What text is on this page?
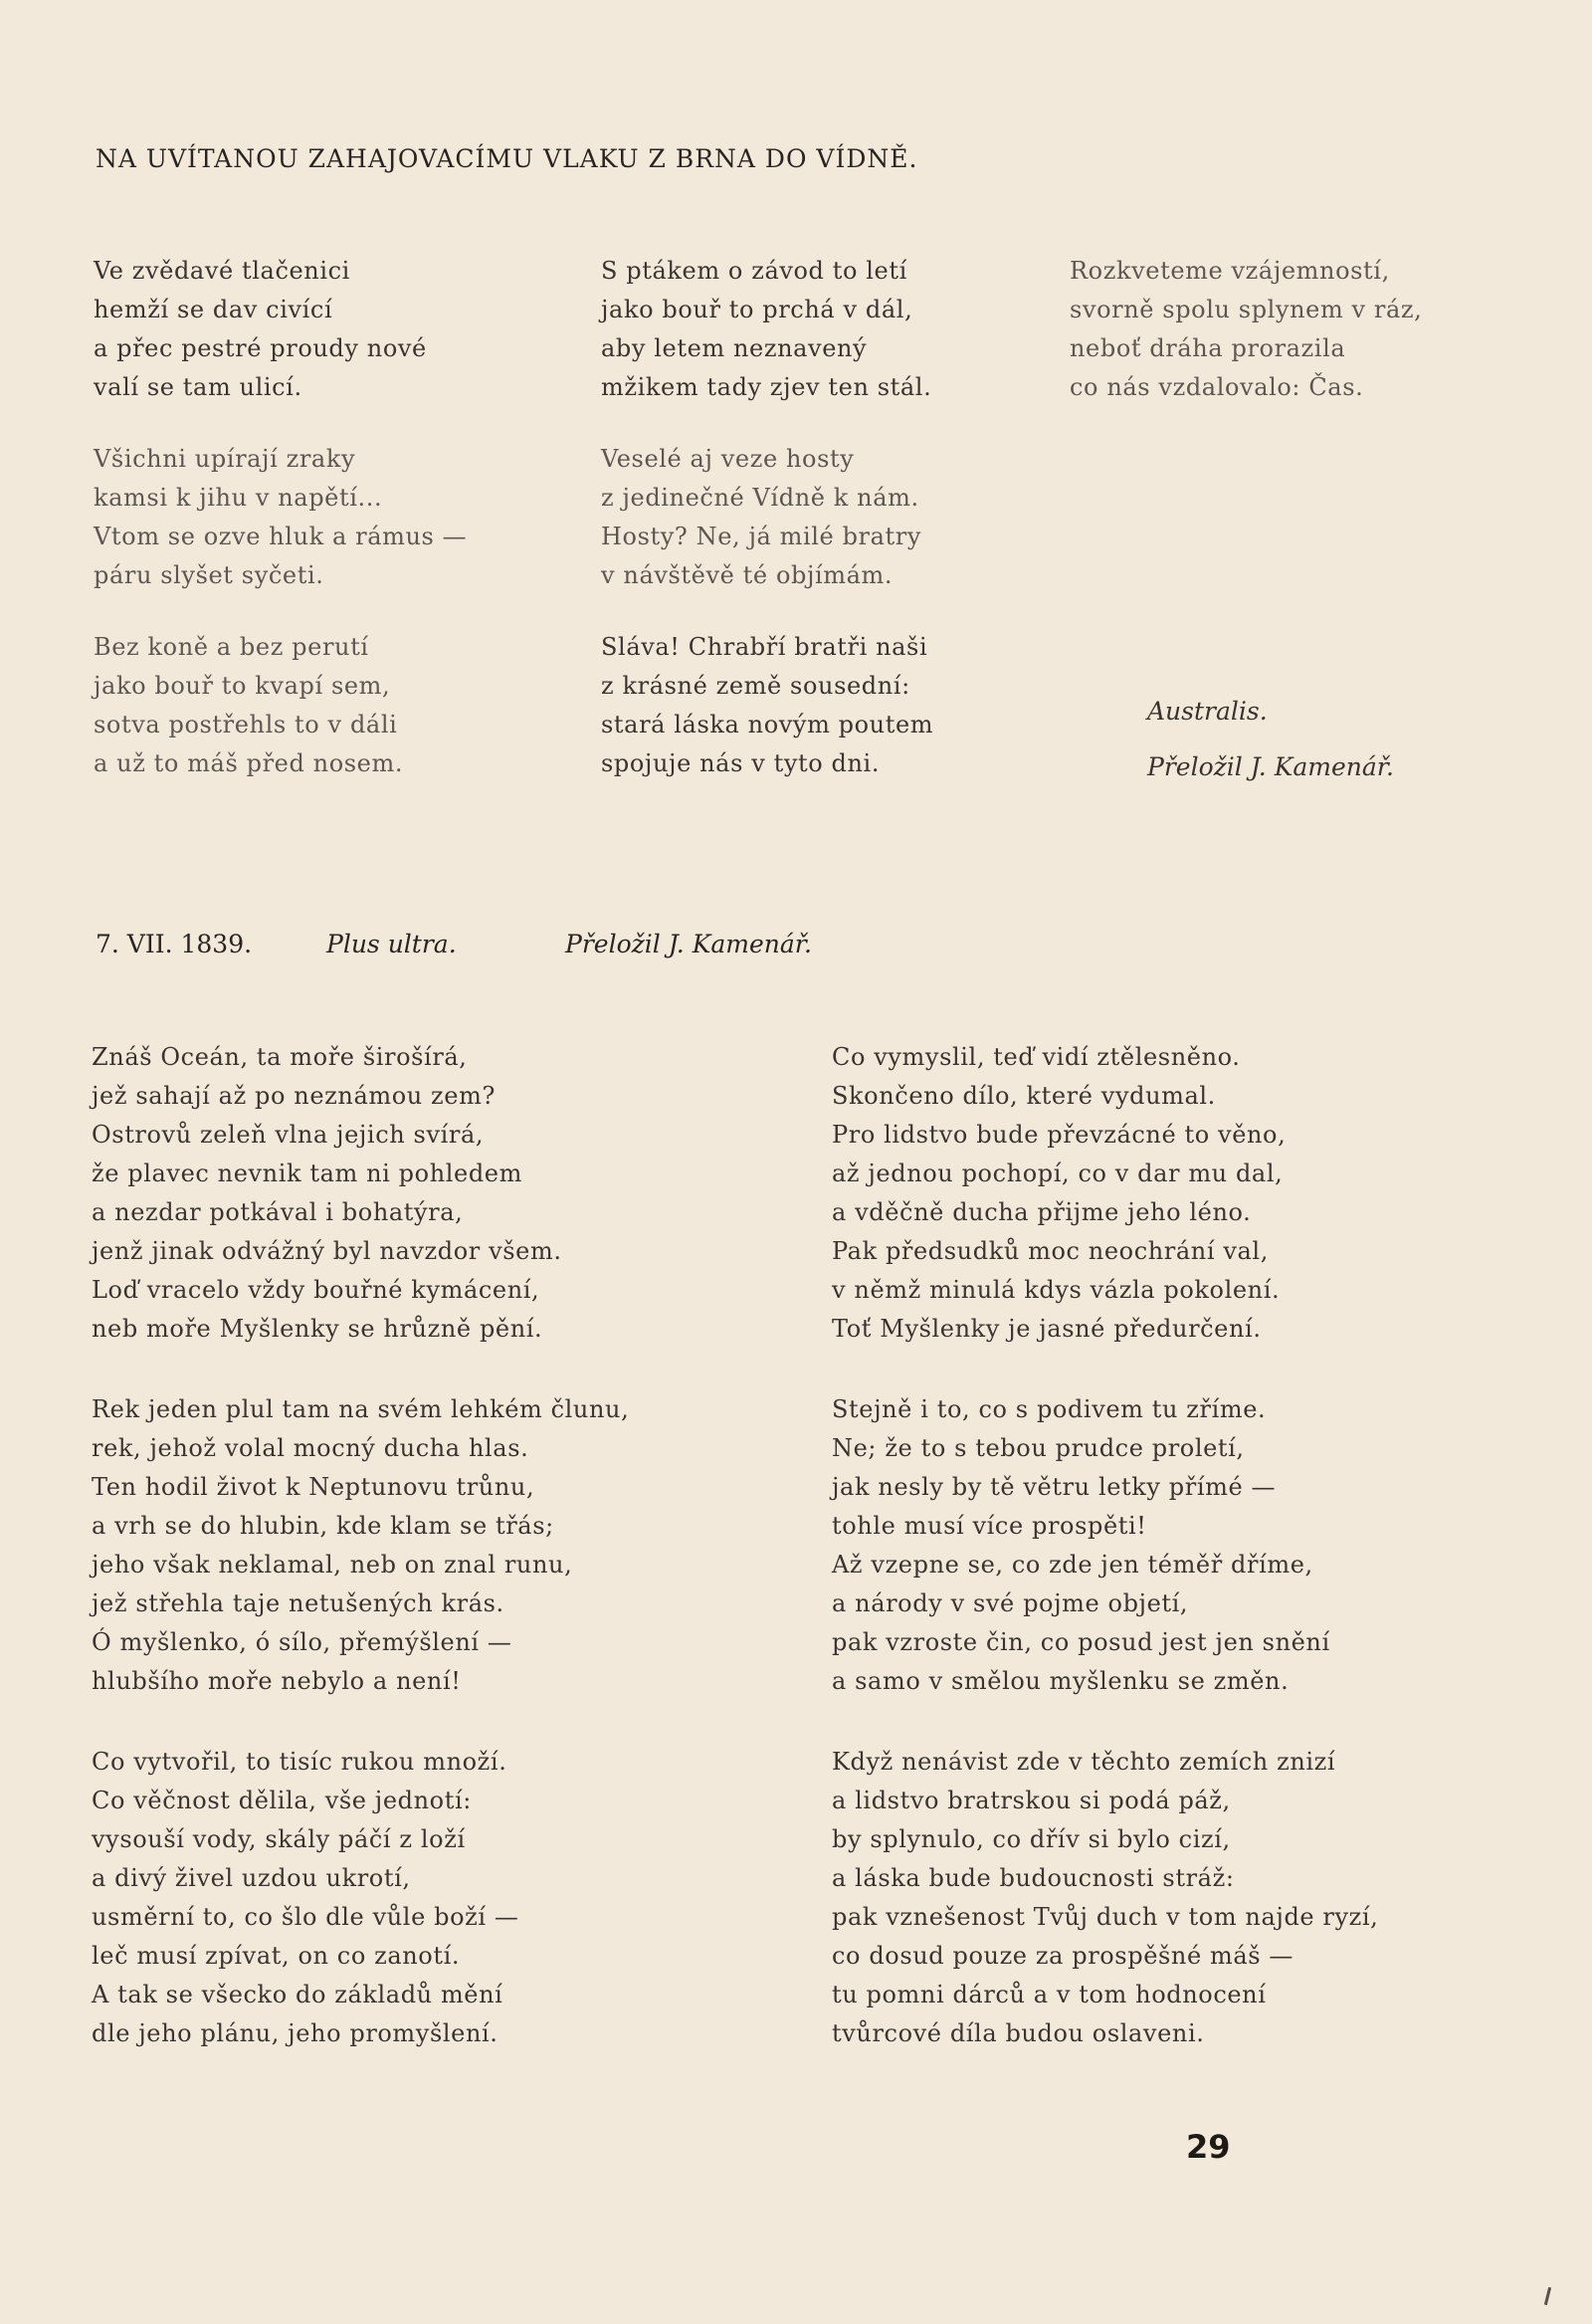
NA UVÍTANOU ZAHAJOVACÍMU VLAKU Z BRNA DO VÍDNĚ.
Ve zvědavé tlačenici
hemží se dav civící
a přec pestré proudy nové
valí se tam ulicí.
S ptákem o závod to letí
jako bouř to prchá v dál,
aby letem neznavený
mžikem tady zjev ten stál.
Rozkveteme vzájemností,
svorně spolu splynem v ráz,
neboť dráha prorazila
co nás vzdalovalo: Čas.
Všichni upírají zraky
kamsi k jihu v napětí...
Vtom se ozve hluk a rámus —
páru slyšet syčeti.
Veselé aj veze hosty
z jedinečné Vídně k nám.
Hosty? Ne, já milé bratry
v návštěvě té objímám.
Bez koně a bez perutí
jako bouř to kvapí sem,
sotva postřehls to v dáli
a už to máš před nosem.
Sláva! Chrabří bratři naši
z krásné země sousední:
stará láska novým poutem
spojuje nás v tyto dni.
Australis.
Přeložil J. Kamenář.
7. VII. 1839.	Plus ultra.	Přeložil J. Kamenář.
Znáš Oceán, ta moře širošírá,
jež sahají až po neznámou zem?
Ostrovů zeleň vlna jejich svírá,
že plavec nevnik tam ni pohledem
a nezdar potkával i bohatýra,
jenž jinak odvážný byl navzdor všem.
Loď vracelo vždy bouřné kymácení,
neb moře Myšlenky se hrůzně pění.
Co vymyslil, teď vidí ztělesněno.
Skončeno dílo, které vydumal.
Pro lidstvo bude převzácné to věno,
až jednou pochopí, co v dar mu dal,
a vděčně ducha přijme jeho léno.
Pak předsudků moc neochrání val,
v němž minulá kdys vázla pokolení.
Toť Myšlenky je jasné předurčení.
Rek jeden plul tam na svém lehkém člunu,
rek, jehož volal mocný ducha hlas.
Ten hodil život k Neptunovu trůnu,
a vrh se do hlubin, kde klam se třás;
jeho však neklamal, neb on znal runu,
jež střehla taje netušených krás.
Ó myšlenko, ó sílo, přemýšlení —
hlubšího moře nebylo a není!
Stejně i to, co s podivem tu zříme.
Ne; že to s tebou prudce proletí,
jak nesly by tě větru letky přímé —
tohle musí více prospěti!
Až vzepne se, co zde jen téměř dříme,
a národy v své pojme objetí,
pak vzroste čin, co posud jest jen snění
a samo v smělou myšlenku se změn.
Co vytvořil, to tisíc rukou množí.
Co věčnost dělila, vše jednotí:
vysouší vody, skály páčí z loží
a divý živel uzdou ukrotí,
usměrní to, co šlo dle vůle boží —
leč musí zpívat, on co zanotí.
A tak se všecko do základů mění
dle jeho plánu, jeho promyšlení.
Když nenávist zde v těchto zemích znizí
a lidstvo bratrskou si podá páž,
by splynulo, co dřív si bylo cizí,
a láska bude budoucnosti stráž:
pak vznešenost Tvůj duch v tom najde ryzí,
co dosud pouze za prospěšné máš —
tu pomni dárců a v tom hodnocení
tvůrcové díla budou oslaveni.
29
